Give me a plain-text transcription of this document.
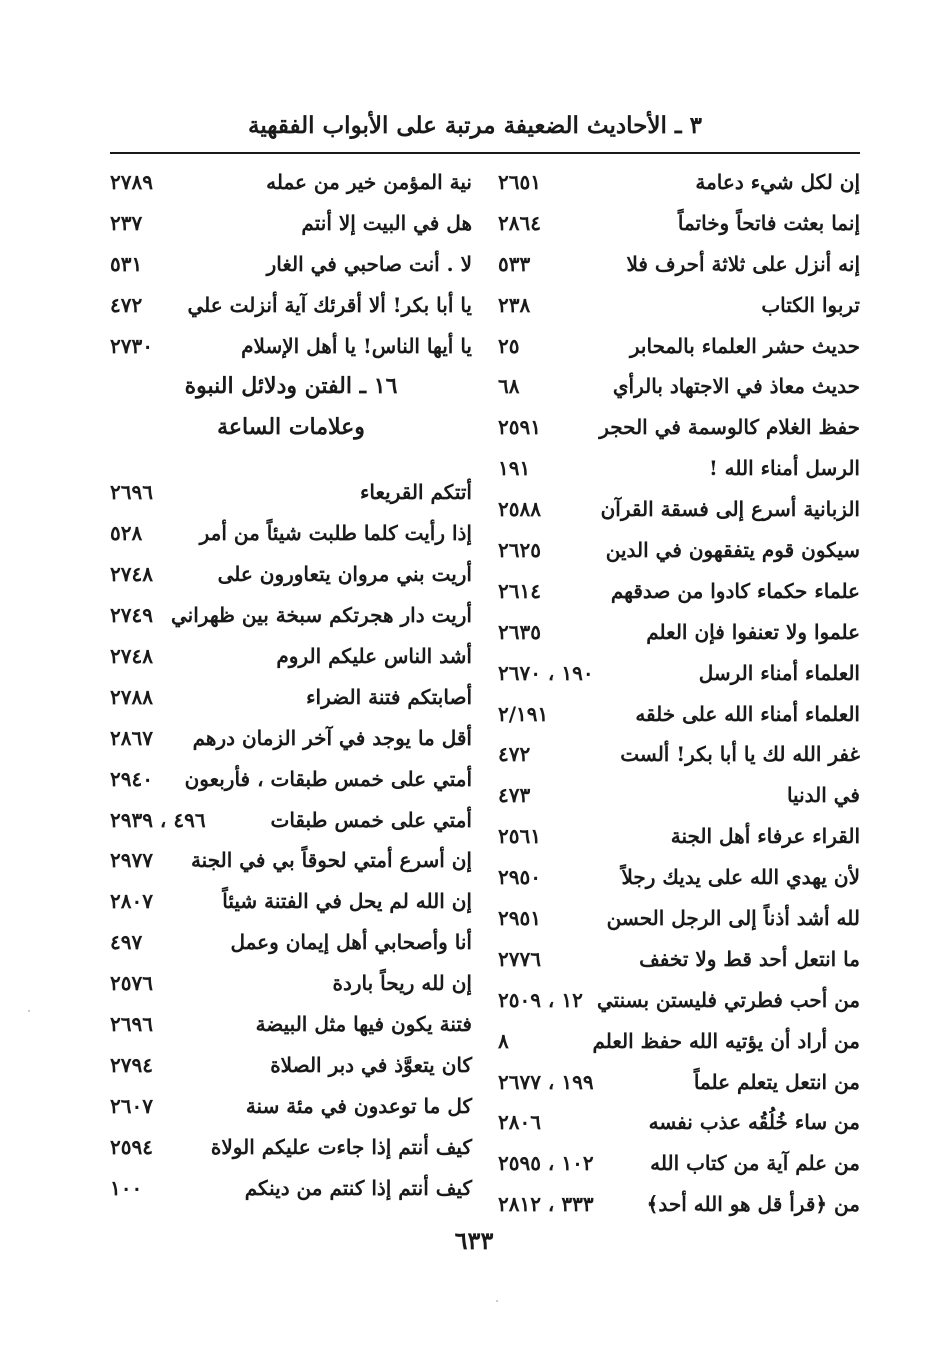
٣ ـ الأحاديث الضعيفة مرتبة على الأبواب الفقهية
إن لكل شيء دعامة
٢٦٥١
إنما بعثت فاتحاً وخاتماً
٢٨٦٤
إنه أنزل على ثلاثة أحرف فلا
٥٣٣
تربوا الكتاب
٢٣٨
حديث حشر العلماء بالمحابر
٢٥
حديث معاذ في الاجتهاد بالرأي
٦٨
حفظ الغلام كالوسمة في الحجر
٢٥٩١
الرسل أمناء الله !
١٩١
الزبانية أسرع إلى فسقة القرآن
٢٥٨٨
سيكون قوم يتفقهون في الدين
٢٦٢٥
علماء حكماء كادوا من صدقهم
٢٦١٤
علموا ولا تعنفوا فإن العلم
٢٦٣٥
العلماء أمناء الرسل
١٩٠ ، ٢٦٧٠
العلماء أمناء الله على خلقه
٢/١٩١
غفر الله لك يا أبا بكر! ألست
٤٧٢
في الدنيا
٤٧٣
القراء عرفاء أهل الجنة
٢٥٦١
لأن يهدي الله على يديك رجلاً
٢٩٥٠
لله أشد أذناً إلى الرجل الحسن
٢٩٥١
ما انتعل أحد قط ولا تخفف
٢٧٧٦
من أحب فطرتي فليستن بسنتي
١٢ ، ٢٥٠٩
من أراد أن يؤتيه الله حفظ العلم
٨
من انتعل يتعلم علماً
١٩٩ ، ٢٦٧٧
من ساء خُلُقُه عذب نفسه
٢٨٠٦
من علم آية من كتاب الله
١٠٢ ، ٢٥٩٥
من ﴿قرأ قل هو الله أحد﴾
٣٣٣ ، ٢٨١٢
نية المؤمن خير من عمله
٢٧٨٩
هل في البيت إلا أنتم
٢٣٧
لا . أنت صاحبي في الغار
٥٣١
يا أبا بكر! ألا أقرئك آية أنزلت علي
٤٧٢
يا أيها الناس! يا أهل الإسلام
٢٧٣٠
١٦ ـ الفتن ودلائل النبوة
وعلامات الساعة
أتتكم القريعاء
٢٦٩٦
إذا رأيت كلما طلبت شيئاً من أمر
٥٢٨
أريت بني مروان يتعاورون على
٢٧٤٨
أريت دار هجرتكم سبخة بين ظهراني
٢٧٤٩
أشد الناس عليكم الروم
٢٧٤٨
أصابتكم فتنة الضراء
٢٧٨٨
أقل ما يوجد في آخر الزمان درهم
٢٨٦٧
أمتي على خمس طبقات ، فأربعون
٢٩٤٠
أمتي على خمس طبقات
٤٩٦ ، ٢٩٣٩
إن أسرع أمتي لحوقاً بي في الجنة
٢٩٧٧
إن الله لم يحل في الفتنة شيئاً
٢٨٠٧
أنا وأصحابي أهل إيمان وعمل
٤٩٧
إن لله ريحاً باردة
٢٥٧٦
فتنة يكون فيها مثل البيضة
٢٦٩٦
كان يتعوَّذ في دبر الصلاة
٢٧٩٤
كل ما توعدون في مئة سنة
٢٦٠٧
كيف أنتم إذا جاءت عليكم الولاة
٢٥٩٤
كيف أنتم إذا كنتم من دينكم
١٠٠
٦٣٣
